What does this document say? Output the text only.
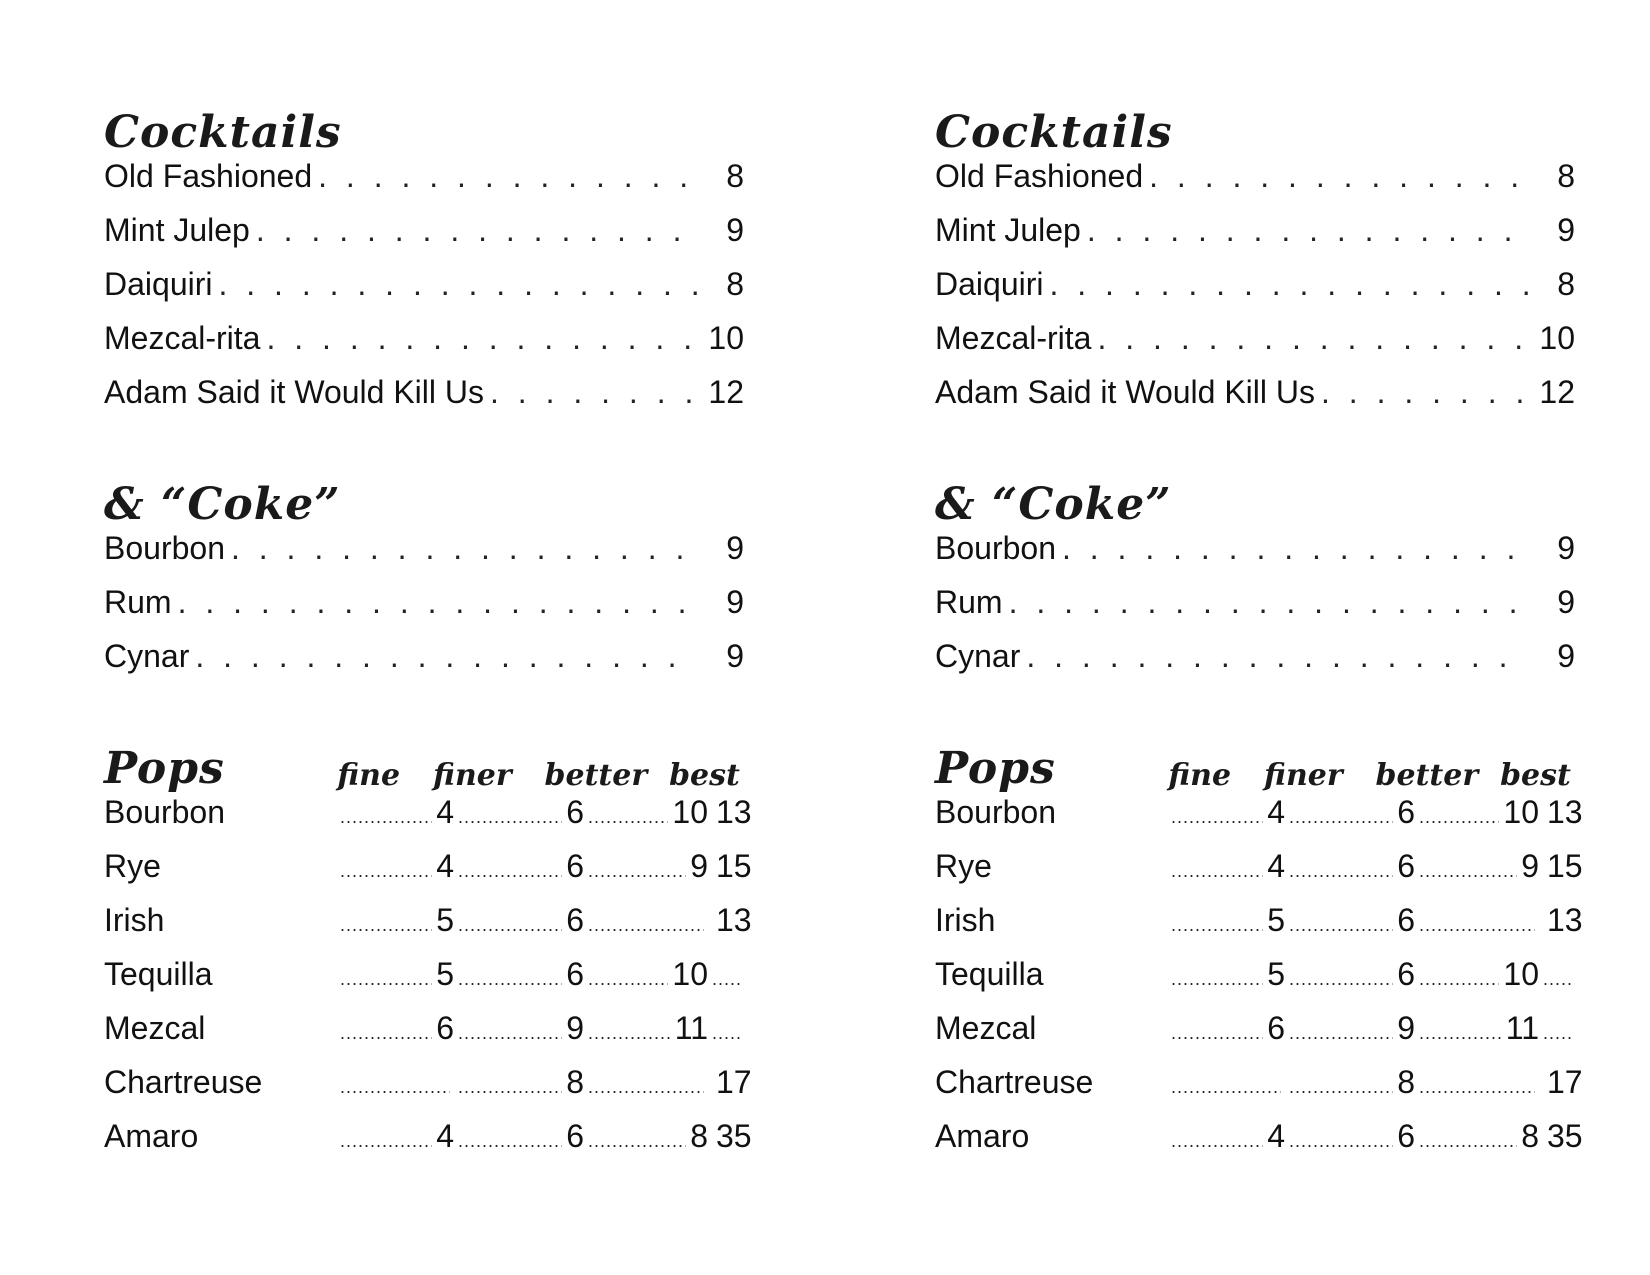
Cocktails
Old Fashioned . . .	8
Mint Julep . . .	9
Daiquiri . . .	8
Mezcal-rita . . .	10
Adam Said it Would Kill Us . . .	12
& “Coke”
Bourbon . . .	9
Rum . . .	9
Cynar . . .	9
Pops	fine	finer	better best
Bourbon .....	4 .....	6 .....	10 13
Rye .....	4 .....	6 .....	9 15
Irish .....	5 .....	6 .....	13
Tequilla .....	5 .....	6 .....	10
.....
Mezcal .....	6 .....	9 .....	11
.....
Chartreuse ..... .....	8 .....	17
Amaro .....	4 .....	6 .....	8 35
Cocktails
Old Fashioned . . .	8
Mint Julep . . .	9
Daiquiri . . .	8
Mezcal-rita . . .	10
Adam Said it Would Kill Us . . .	12
& “Coke”
Bourbon . . .	9
Rum . . .	9
Cynar . . .	9
Pops	fine	finer	better best
Bourbon .....	4 .....	6 .....	10 13
Rye .....	4 .....	6 .....	9 15
Irish .....	5 .....	6 .....	13
Tequilla .....	5 .....	6 .....	10
.....
Mezcal .....	6 .....	9 .....	11
.....
Chartreuse ..... .....	8 .....	17
Amaro .....	4 .....	6 .....	8 35
